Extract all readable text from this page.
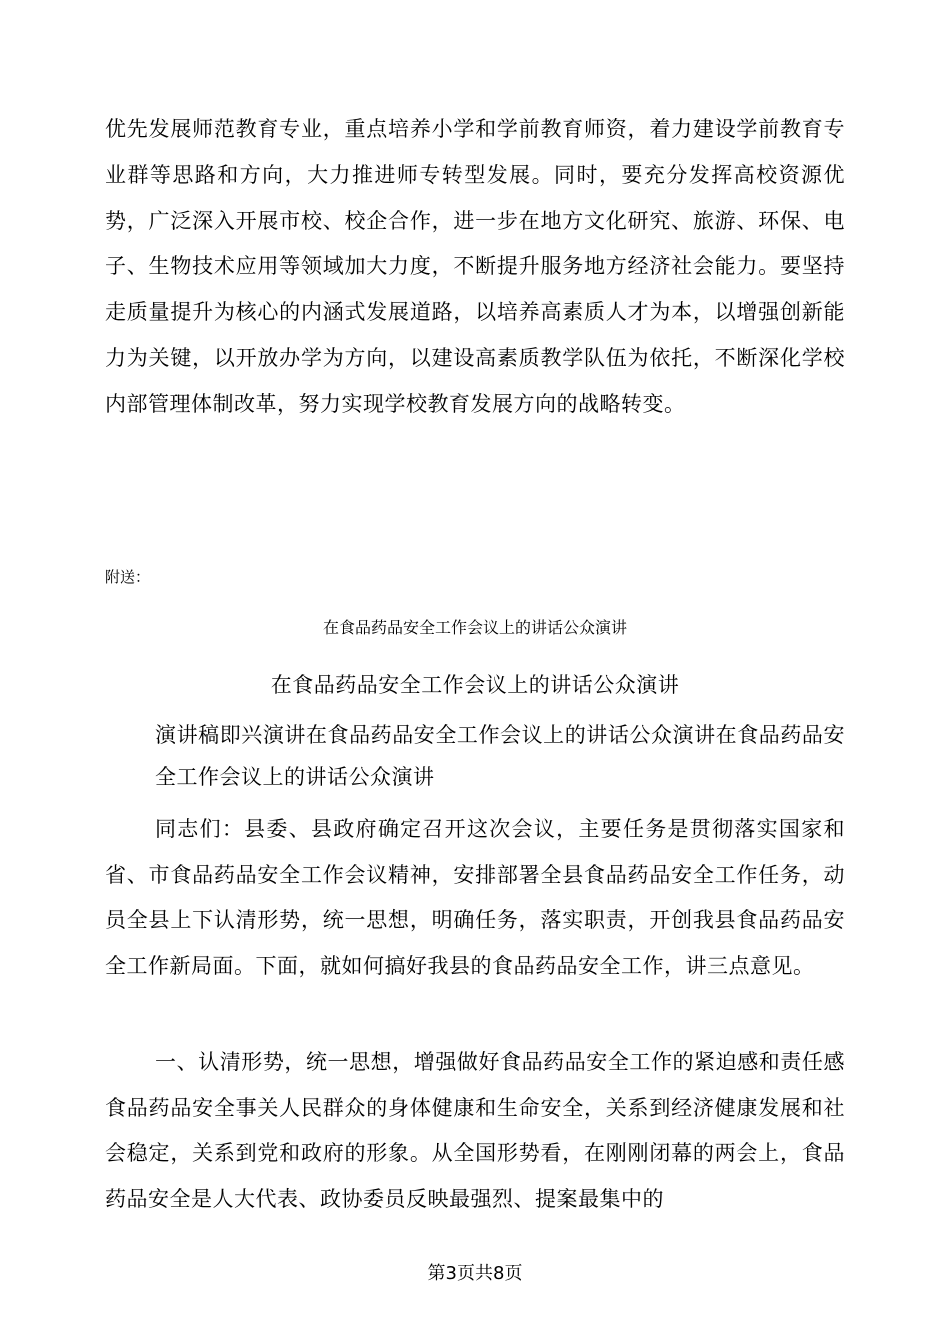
优先发展师范教育专业，重点培养小学和学前教育师资，着力建设学前教育专业群等思路和方向，大力推进师专转型发展。同时，要充分发挥高校资源优势，广泛深入开展市校、校企合作，进一步在地方文化研究、旅游、环保、电子、生物技术应用等领域加大力度，不断提升服务地方经济社会能力。要坚持走质量提升为核心的内涵式发展道路，以培养高素质人才为本，以增强创新能力为关键，以开放办学为方向，以建设高素质教学队伍为依托，不断深化学校内部管理体制改革，努力实现学校教育发展方向的战略转变。

附送：
在食品药品安全工作会议上的讲话公众演讲
在食品药品安全工作会议上的讲话公众演讲

演讲稿即兴演讲在食品药品安全工作会议上的讲话公众演讲在食品药品安全工作会议上的讲话公众演讲

同志们：县委、县政府确定召开这次会议，主要任务是贯彻落实国家和省、市食品药品安全工作会议精神，安排部署全县食品药品安全工作任务，动员全县上下认清形势，统一思想，明确任务，落实职责，开创我县食品药品安全工作新局面。下面，就如何搞好我县的食品药品安全工作，讲三点意见。

一、认清形势，统一思想，增强做好食品药品安全工作的紧迫感和责任感食品药品安全事关人民群众的身体健康和生命安全，关系到经济健康发展和社会稳定，关系到党和政府的形象。从全国形势看，在刚刚闭幕的两会上，食品药品安全是人大代表、政协委员反映最强烈、提案最集中的

第3页共8页
